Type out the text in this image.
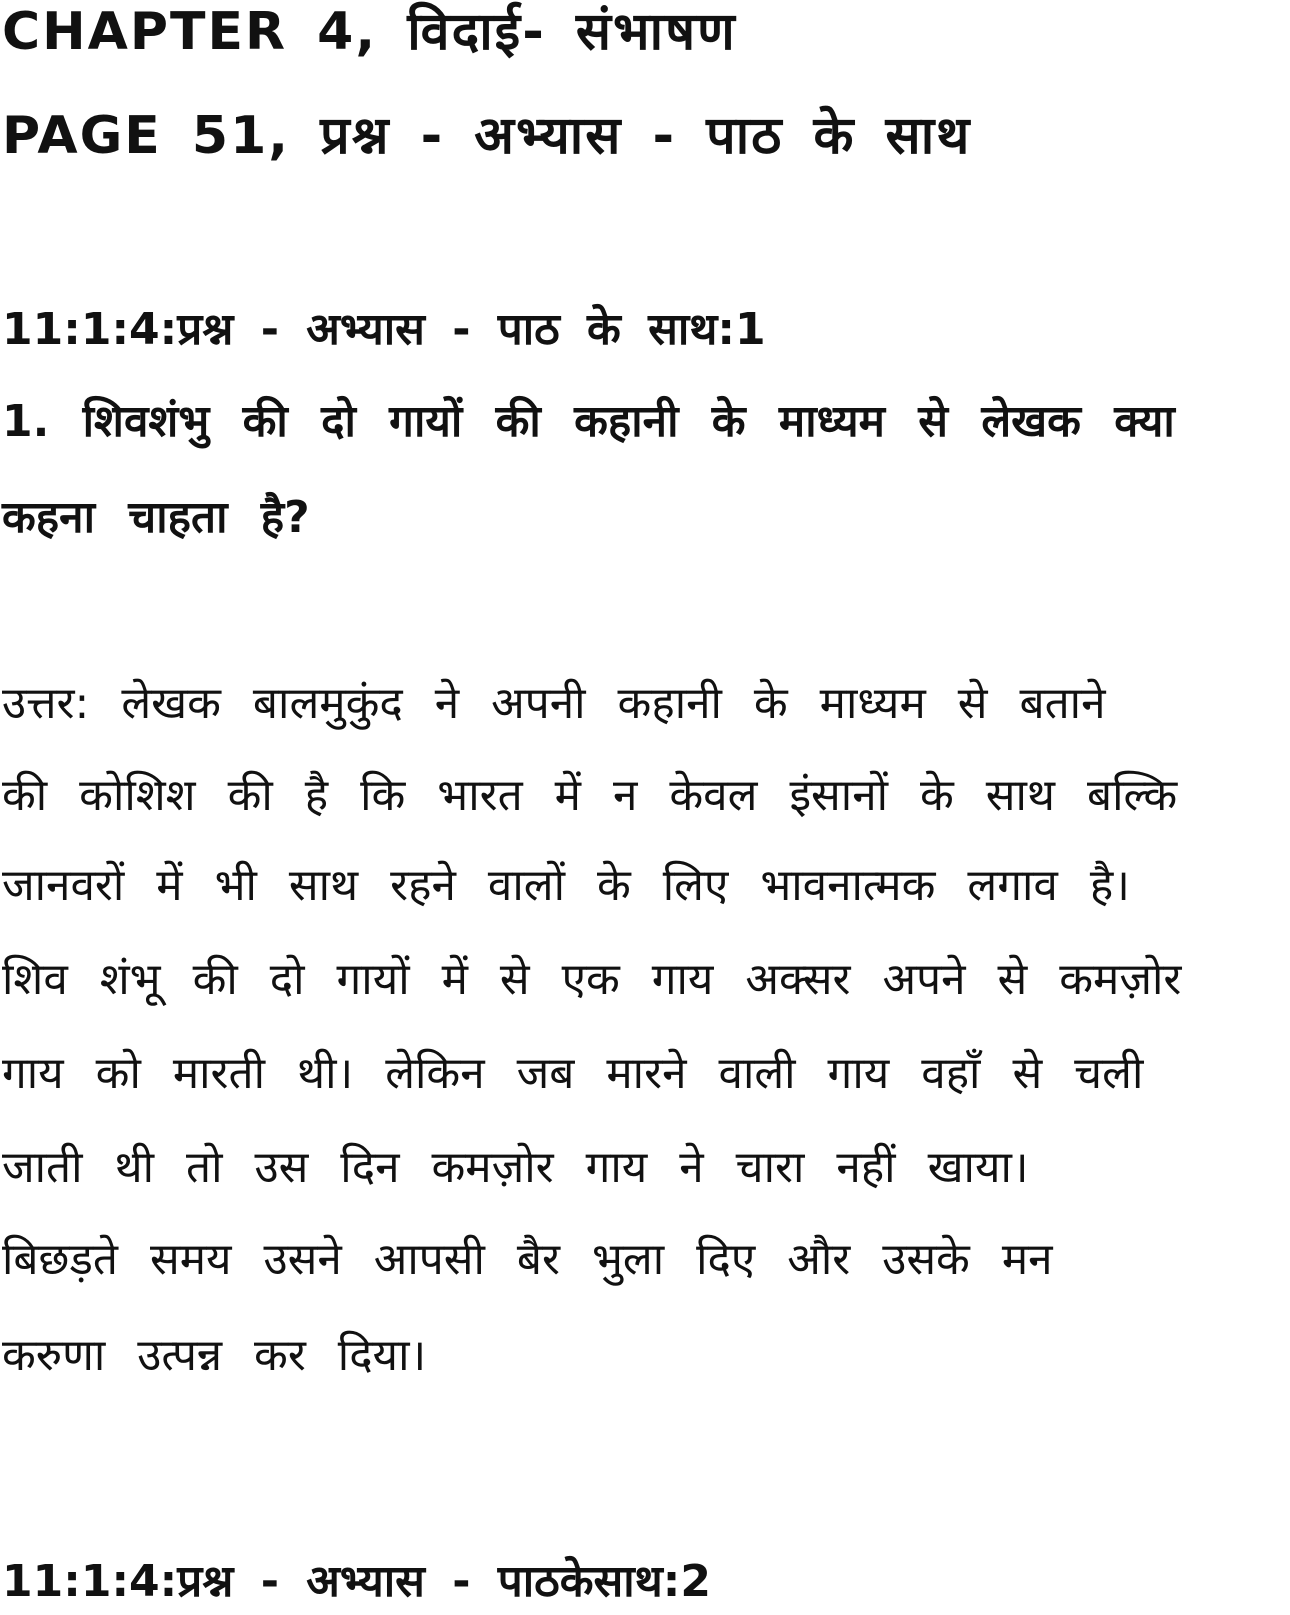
CHAPTER 4, विदाई- संभाषण
PAGE 51, प्रश्न - अभ्यास - पाठ के साथ
11:1:4:प्रश्न - अभ्यास - पाठ के साथ:1
1. शिवशंभु की दो गायों की कहानी के माध्यम से लेखक क्या
कहना चाहता है?
उत्तर: लेखक बालमुकुंद ने अपनी कहानी के माध्यम से बताने
की कोशिश की है कि भारत में न केवल इंसानों के साथ बल्कि
जानवरों में भी साथ रहने वालों के लिए भावनात्मक लगाव है।
शिव शंभू की दो गायों में से एक गाय अक्सर अपने से कमज़ोर
गाय को मारती थी। लेकिन जब मारने वाली गाय वहाँ से चली
जाती थी तो उस दिन कमज़ोर गाय ने चारा नहीं खाया।
बिछड़ते समय उसने आपसी बैर भुला दिए और उसके मन
करुणा उत्पन्न कर दिया।
11:1:4:प्रश्न - अभ्यास - पाठकेसाथ:2
